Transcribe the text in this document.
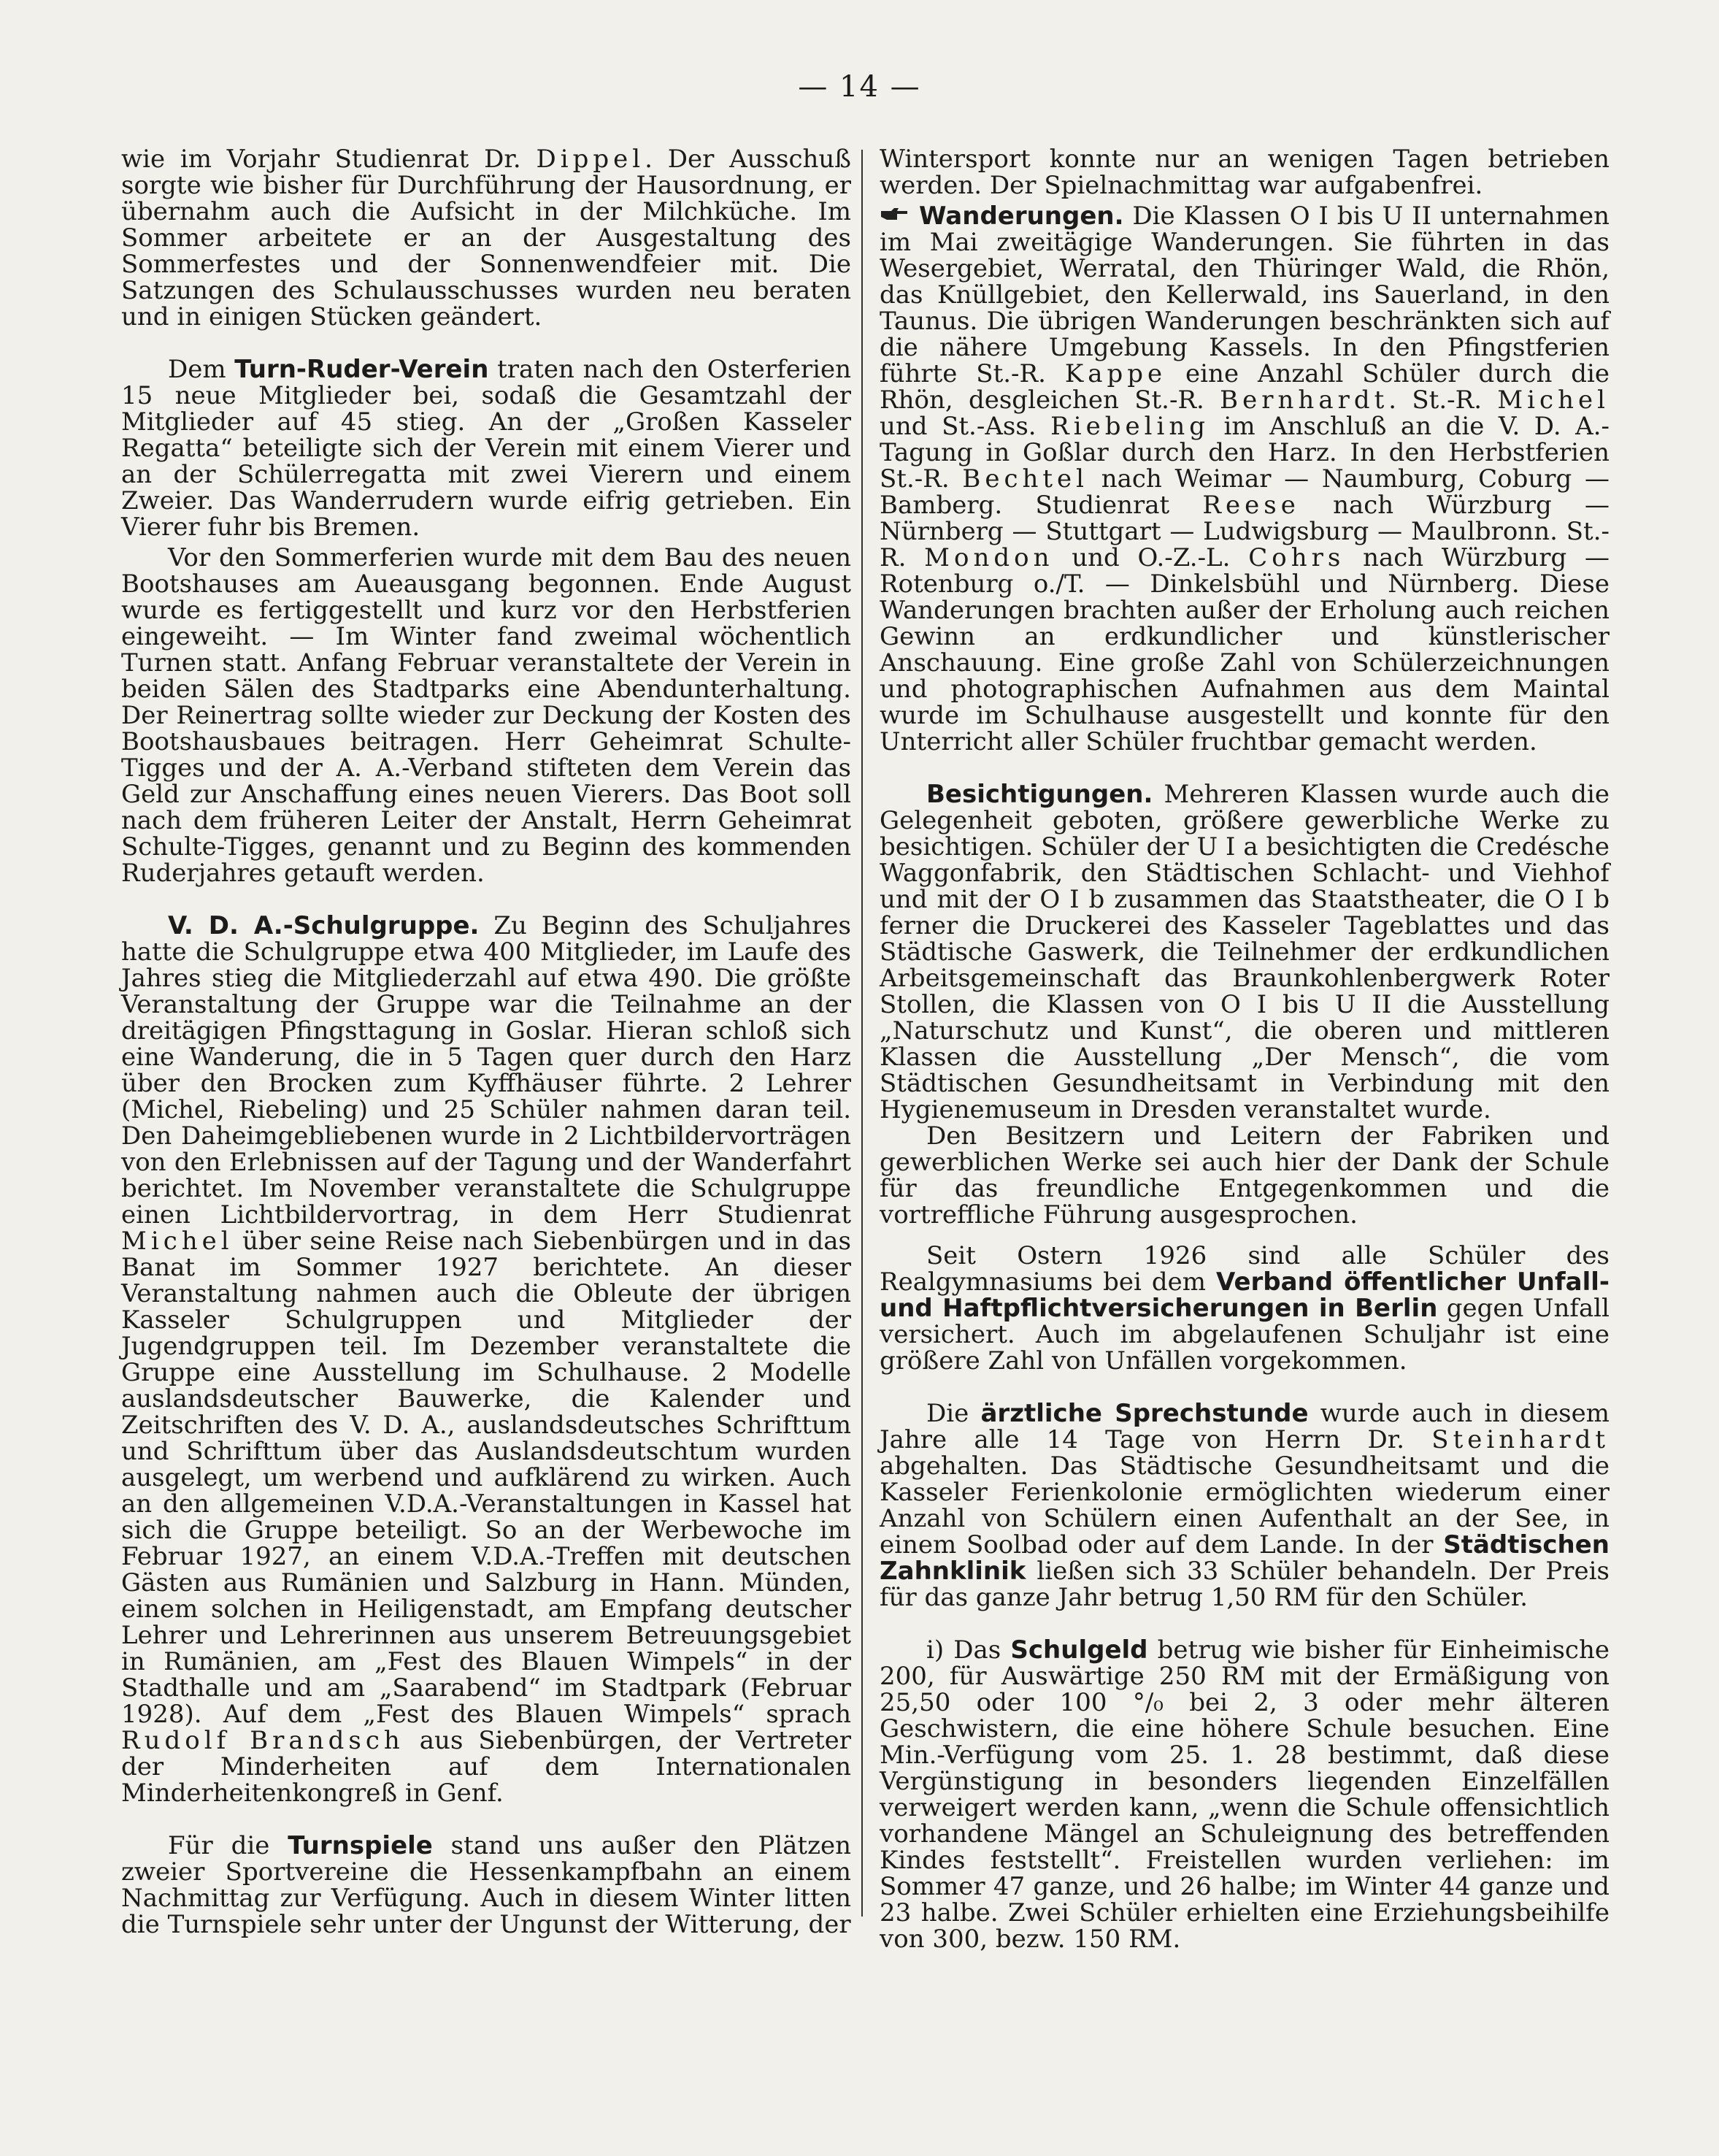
— 14 —

wie im Vorjahr Studienrat Dr. Dippel. Der Ausschuß sorgte wie bisher für Durchführung der Hausordnung, er übernahm auch die Aufsicht in der Milchküche. Im Sommer arbeitete er an der Ausgestaltung des Sommerfestes und der Sonnenwendfeier mit. Die Satzungen des Schulausschusses wurden neu beraten und in einigen Stücken geändert.

Dem Turn-Ruder-Verein traten nach den Osterferien 15 neue Mitglieder bei, sodaß die Gesamtzahl der Mitglieder auf 45 stieg. An der „Großen Kasseler Regatta“ beteiligte sich der Verein mit einem Vierer und an der Schülerregatta mit zwei Vierern und einem Zweier. Das Wanderrudern wurde eifrig getrieben. Ein Vierer fuhr bis Bremen.

Vor den Sommerferien wurde mit dem Bau des neuen Bootshauses am Aueausgang begonnen. Ende August wurde es fertiggestellt und kurz vor den Herbstferien eingeweiht. — Im Winter fand zweimal wöchentlich Turnen statt. Anfang Februar veranstaltete der Verein in beiden Sälen des Stadtparks eine Abendunterhaltung. Der Reinertrag sollte wieder zur Deckung der Kosten des Bootshausbaues beitragen. Herr Geheimrat Schulte-Tigges und der A. A.-Verband stifteten dem Verein das Geld zur Anschaffung eines neuen Vierers. Das Boot soll nach dem früheren Leiter der Anstalt, Herrn Geheimrat Schulte-Tigges, genannt und zu Beginn des kommenden Ruderjahres getauft werden.

V. D. A.-Schulgruppe. Zu Beginn des Schuljahres hatte die Schulgruppe etwa 400 Mitglieder, im Laufe des Jahres stieg die Mitgliederzahl auf etwa 490. Die größte Veranstaltung der Gruppe war die Teilnahme an der dreitägigen Pfingsttagung in Goslar. Hieran schloß sich eine Wanderung, die in 5 Tagen quer durch den Harz über den Brocken zum Kyffhäuser führte. 2 Lehrer (Michel, Riebeling) und 25 Schüler nahmen daran teil. Den Daheimgebliebenen wurde in 2 Lichtbildervorträgen von den Erlebnissen auf der Tagung und der Wanderfahrt berichtet. Im November veranstaltete die Schulgruppe einen Lichtbildervortrag, in dem Herr Studienrat Michel über seine Reise nach Siebenbürgen und in das Banat im Sommer 1927 berichtete. An dieser Veranstaltung nahmen auch die Obleute der übrigen Kasseler Schulgruppen und Mitglieder der Jugendgruppen teil. Im Dezember veranstaltete die Gruppe eine Ausstellung im Schulhause. 2 Modelle auslandsdeutscher Bauwerke, die Kalender und Zeitschriften des V. D. A., auslandsdeutsches Schrifttum und Schrifttum über das Auslandsdeutschtum wurden ausgelegt, um werbend und aufklärend zu wirken. Auch an den allgemeinen V.D.A.-Veranstaltungen in Kassel hat sich die Gruppe beteiligt. So an der Werbewoche im Februar 1927, an einem V.D.A.-Treffen mit deutschen Gästen aus Rumänien und Salzburg in Hann. Münden, einem solchen in Heiligenstadt, am Empfang deutscher Lehrer und Lehrerinnen aus unserem Betreuungsgebiet in Rumänien, am „Fest des Blauen Wimpels“ in der Stadthalle und am „Saarabend“ im Stadtpark (Februar 1928). Auf dem „Fest des Blauen Wimpels“ sprach Rudolf Brandsch aus Siebenbürgen, der Vertreter der Minderheiten auf dem Internationalen Minderheitenkongreß in Genf.

Für die Turnspiele stand uns außer den Plätzen zweier Sportvereine die Hessenkampfbahn an einem Nachmittag zur Verfügung. Auch in diesem Winter litten die Turnspiele sehr unter der Ungunst der Witterung, der

Wintersport konnte nur an wenigen Tagen betrieben werden. Der Spielnachmittag war aufgabenfrei.

Wanderungen. Die Klassen O I bis U II unternahmen im Mai zweitägige Wanderungen. Sie führten in das Wesergebiet, Werratal, den Thüringer Wald, die Rhön, das Knüllgebiet, den Kellerwald, ins Sauerland, in den Taunus. Die übrigen Wanderungen beschränkten sich auf die nähere Umgebung Kassels. In den Pfingstferien führte St.-R. Kappe eine Anzahl Schüler durch die Rhön, desgleichen St.-R. Bernhardt. St.-R. Michel und St.-Ass. Riebeling im Anschluß an die V. D. A.-Tagung in Goßlar durch den Harz. In den Herbstferien St.-R. Bechtel nach Weimar — Naumburg, Coburg — Bamberg. Studienrat Reese nach Würzburg — Nürnberg — Stuttgart — Ludwigsburg — Maulbronn. St.-R. Mondon und O.-Z.-L. Cohrs nach Würzburg — Rotenburg o./T. — Dinkelsbühl und Nürnberg. Diese Wanderungen brachten außer der Erholung auch reichen Gewinn an erdkundlicher und künstlerischer Anschauung. Eine große Zahl von Schülerzeichnungen und photographischen Aufnahmen aus dem Maintal wurde im Schulhause ausgestellt und konnte für den Unterricht aller Schüler fruchtbar gemacht werden.

Besichtigungen. Mehreren Klassen wurde auch die Gelegenheit geboten, größere gewerbliche Werke zu besichtigen. Schüler der U I a besichtigten die Credésche Waggonfabrik, den Städtischen Schlacht- und Viehhof und mit der O I b zusammen das Staatstheater, die O I b ferner die Druckerei des Kasseler Tageblattes und das Städtische Gaswerk, die Teilnehmer der erdkundlichen Arbeitsgemeinschaft das Braunkohlenbergwerk Roter Stollen, die Klassen von O I bis U II die Ausstellung „Naturschutz und Kunst“, die oberen und mittleren Klassen die Ausstellung „Der Mensch“, die vom Städtischen Gesundheitsamt in Verbindung mit den Hygienemuseum in Dresden veranstaltet wurde.

Den Besitzern und Leitern der Fabriken und gewerblichen Werke sei auch hier der Dank der Schule für das freundliche Entgegenkommen und die vortreffliche Führung ausgesprochen.

Seit Ostern 1926 sind alle Schüler des Realgymnasiums bei dem Verband öffentlicher Unfall- und Haftpflichtversicherungen in Berlin gegen Unfall versichert. Auch im abgelaufenen Schuljahr ist eine größere Zahl von Unfällen vorgekommen.

Die ärztliche Sprechstunde wurde auch in diesem Jahre alle 14 Tage von Herrn Dr. Steinhardt abgehalten. Das Städtische Gesundheitsamt und die Kasseler Ferienkolonie ermöglichten wiederum einer Anzahl von Schülern einen Aufenthalt an der See, in einem Soolbad oder auf dem Lande. In der Städtischen Zahnklinik ließen sich 33 Schüler behandeln. Der Preis für das ganze Jahr betrug 1,50 RM für den Schüler.

i) Das Schulgeld betrug wie bisher für Einheimische 200, für Auswärtige 250 RM mit der Ermäßigung von 25,50 oder 100 °/₀ bei 2, 3 oder mehr älteren Geschwistern, die eine höhere Schule besuchen. Eine Min.-Verfügung vom 25. 1. 28 bestimmt, daß diese Vergünstigung in besonders liegenden Einzelfällen verweigert werden kann, „wenn die Schule offensichtlich vorhandene Mängel an Schuleignung des betreffenden Kindes feststellt“. Freistellen wurden verliehen: im Sommer 47 ganze, und 26 halbe; im Winter 44 ganze und 23 halbe. Zwei Schüler erhielten eine Erziehungsbeihilfe von 300, bezw. 150 RM.
